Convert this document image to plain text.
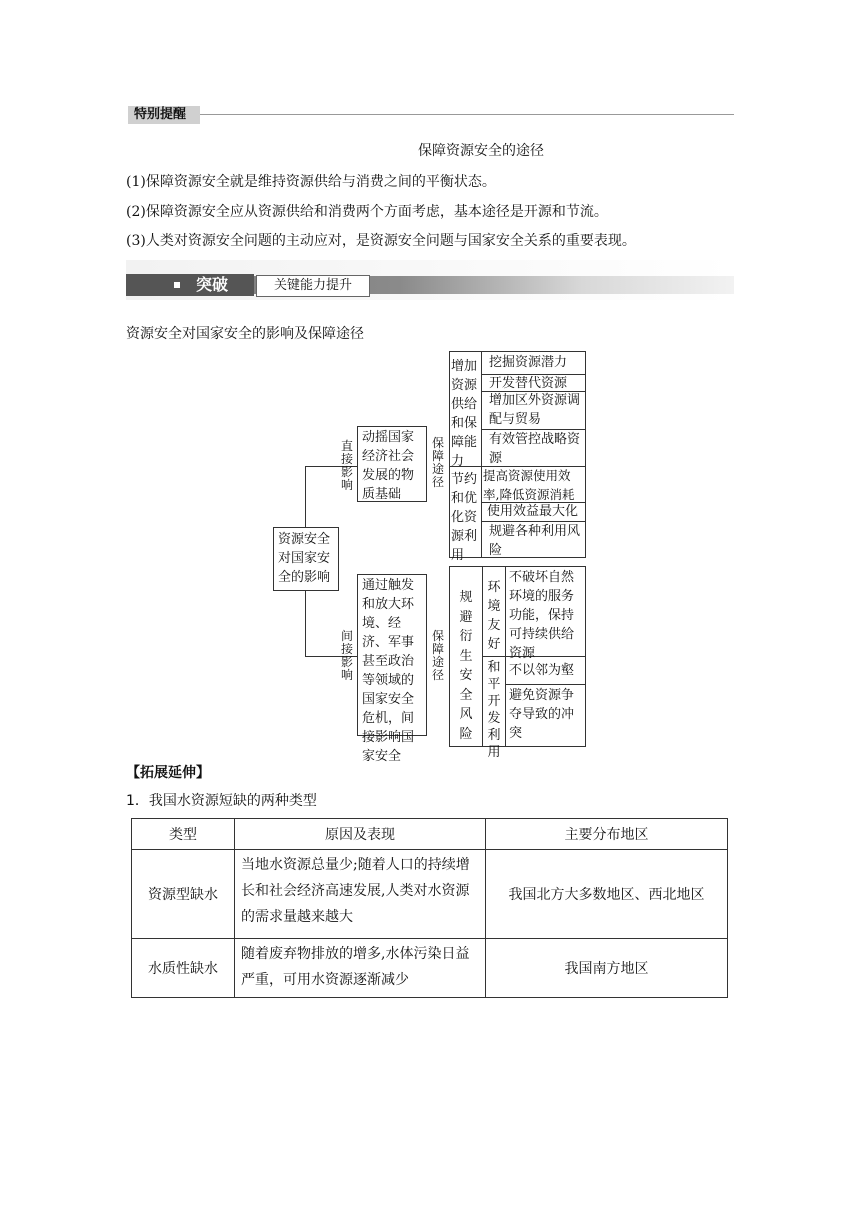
特别提醒
保障资源安全的途径
(1)保障资源安全就是维持资源供给与消费之间的平衡状态。
(2)保障资源安全应从资源供给和消费两个方面考虑，基本途径是开源和节流。
(3)人类对资源安全问题的主动应对，是资源安全问题与国家安全关系的重要表现。
突破	关键能力提升
资源安全对国家安全的影响及保障途径
资源安全对国家安全的影响
直接影响
间接影响
动摇国家经济社会发展的物质基础
通过触发和放大环境、经济、军事甚至政治等领域的国家安全危机，间接影响国家安全
保障途径
保障途径
增加资源供给和保障能力
节约和优化资源利用
挖掘资源潜力
开发替代资源
增加区外资源调配与贸易
有效管控战略资源
提高资源使用效率,降低资源消耗
使用效益最大化
规避各种利用风险
规避衍生安全风险
环境友好
和平开发利用
不破坏自然环境的服务功能，保持可持续供给资源
不以邻为壑
避免资源争夺导致的冲突
【拓展延伸】
1．我国水资源短缺的两种类型
类型	原因及表现	主要分布地区
资源型缺水	当地水资源总量少;随着人口的持续增长和社会经济高速发展,人类对水资源的需求量越来越大	我国北方大多数地区、西北地区
水质性缺水	随着废弃物排放的增多,水体污染日益严重，可用水资源逐渐减少	我国南方地区
